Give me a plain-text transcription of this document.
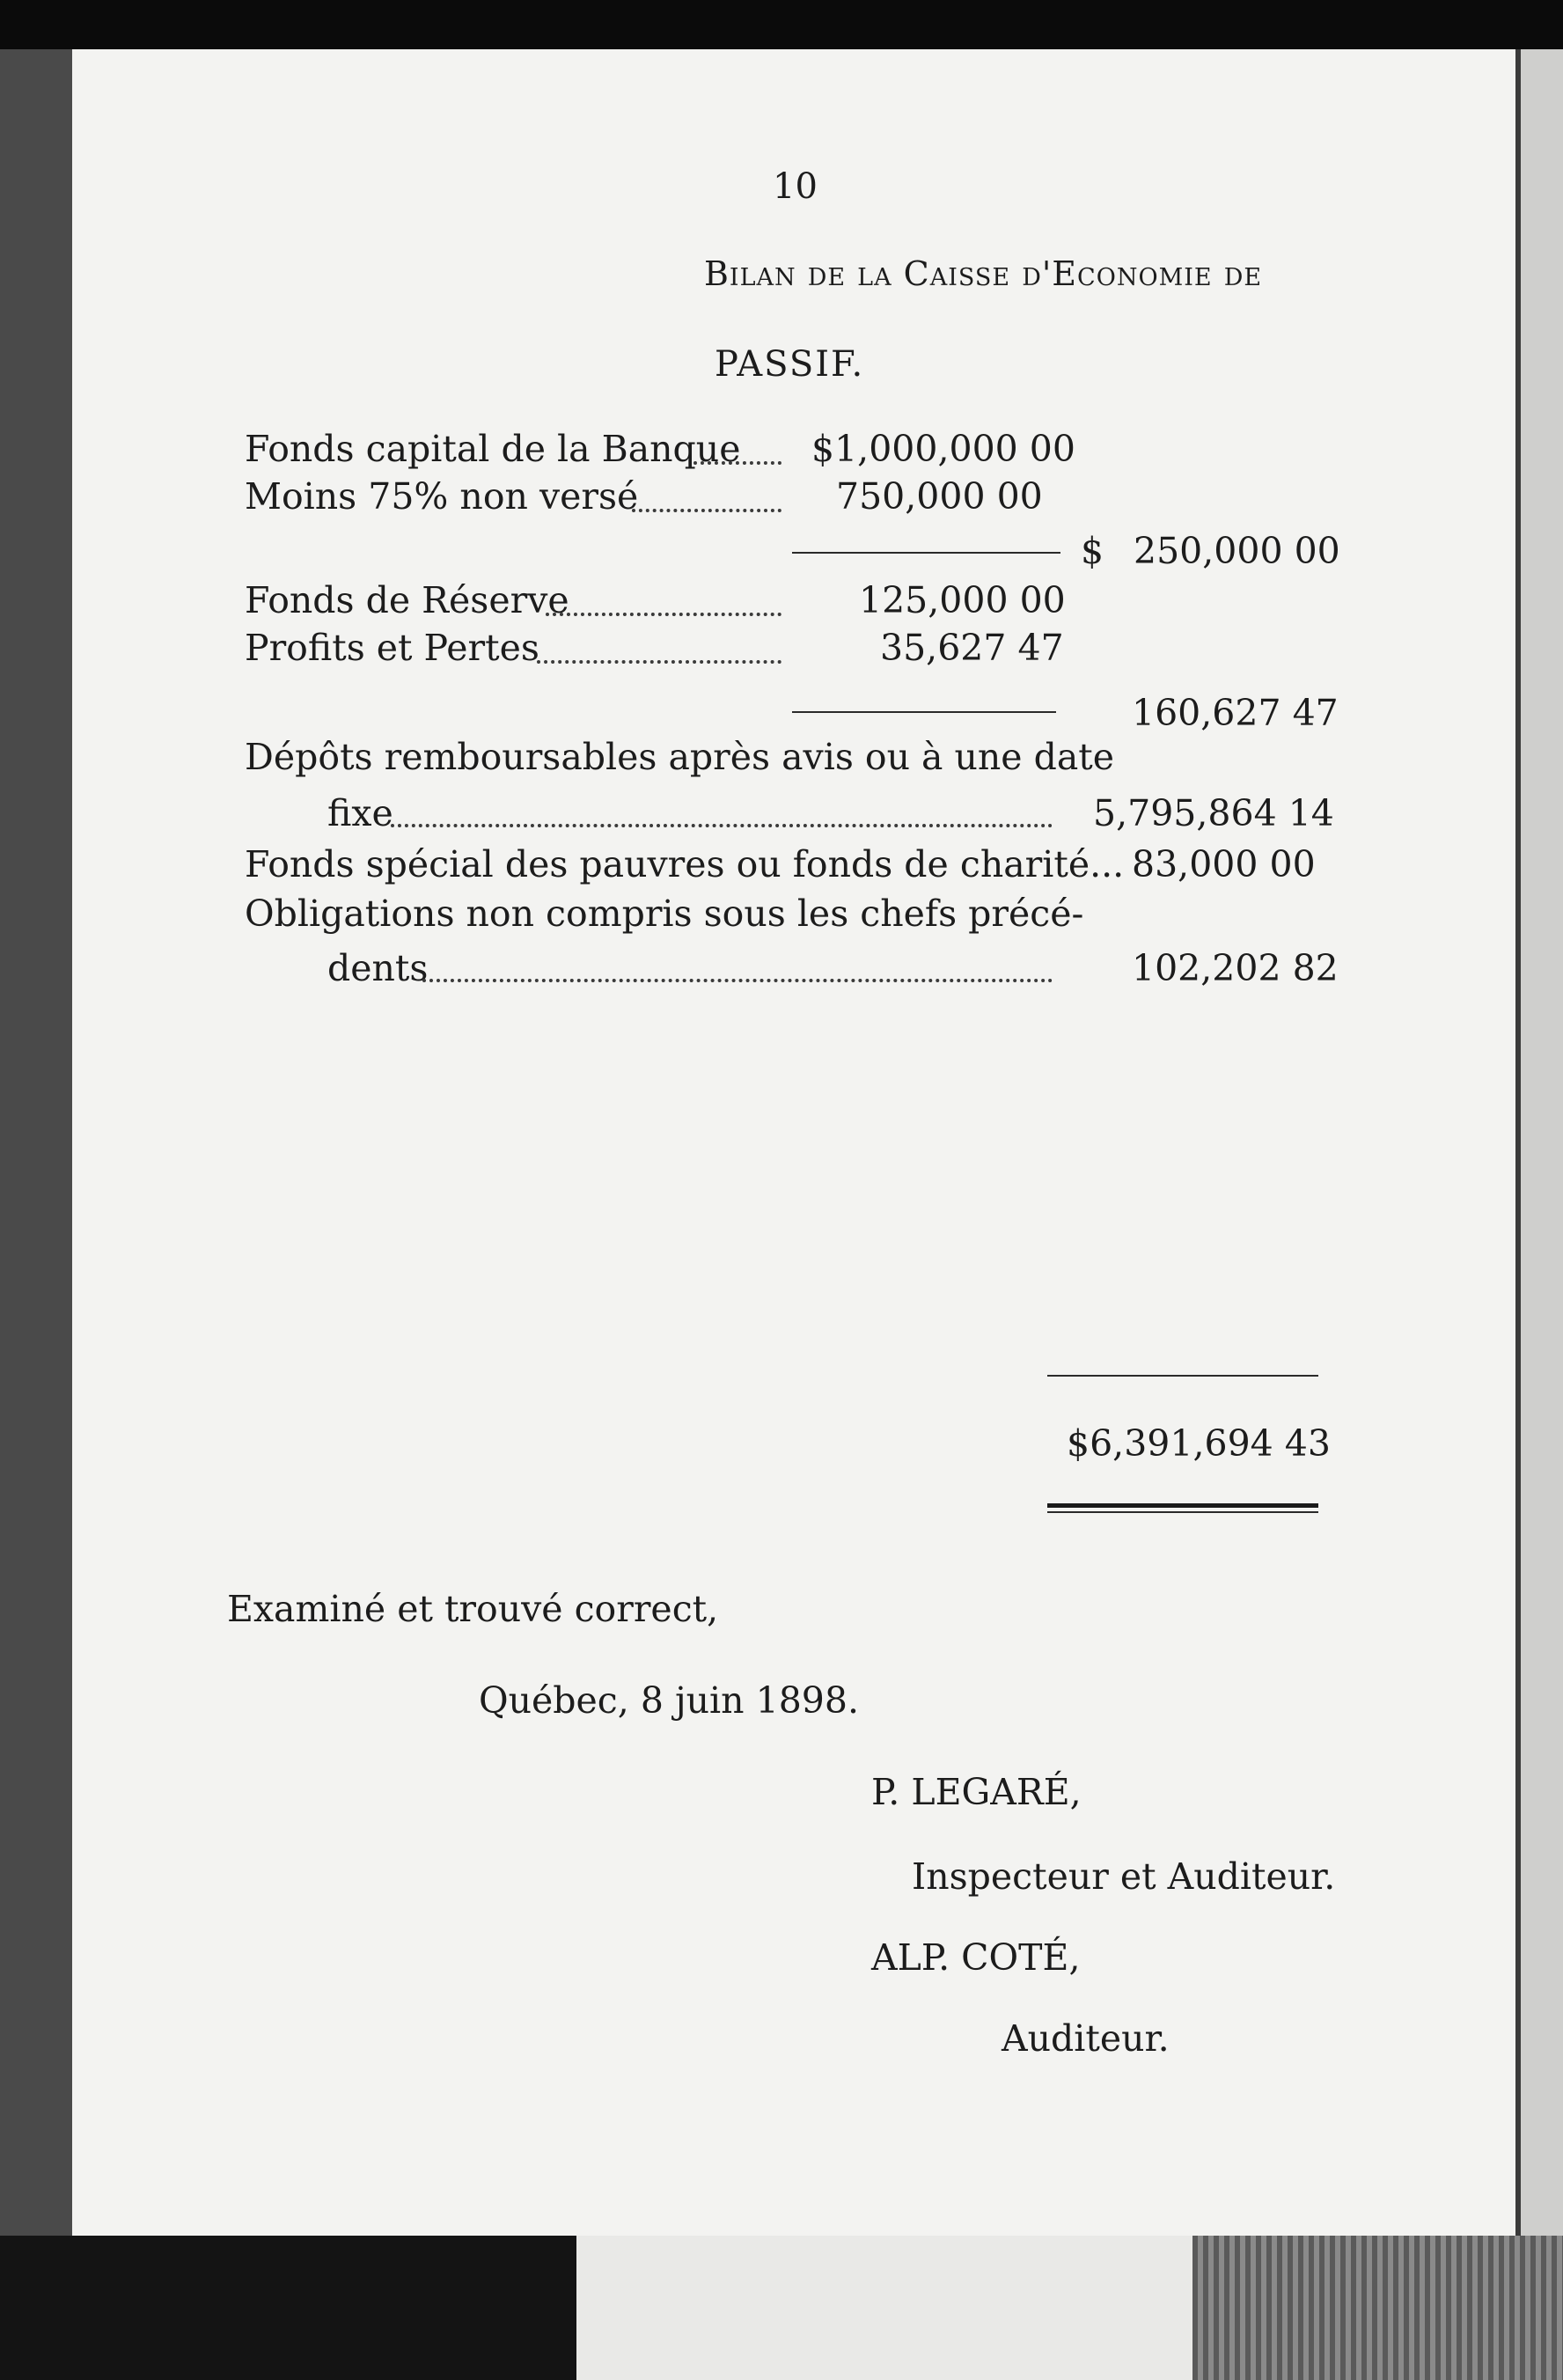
10
Bilan de la Caisse d'Economie de
PASSIF.
Fonds capital de la Banque $1,000,000 00
Moins 75% non versé	750,000 00
$ 250,000 00
Fonds de Réserve	125,000 00
Profits et Pertes	35,627 47
160,627 47
Dépôts remboursables après avis ou à une date
fixe	5,795,864 14
Fonds spécial des pauvres ou fonds de charité... 83,000 00
Obligations non compris sous les chefs précé-
dents	102,202 82
$6,391,694 43
Examiné et trouvé correct,
Québec, 8 juin 1898.
P. LEGARÉ,
Inspecteur et Auditeur.
ALP. COTÉ,
Auditeur.
